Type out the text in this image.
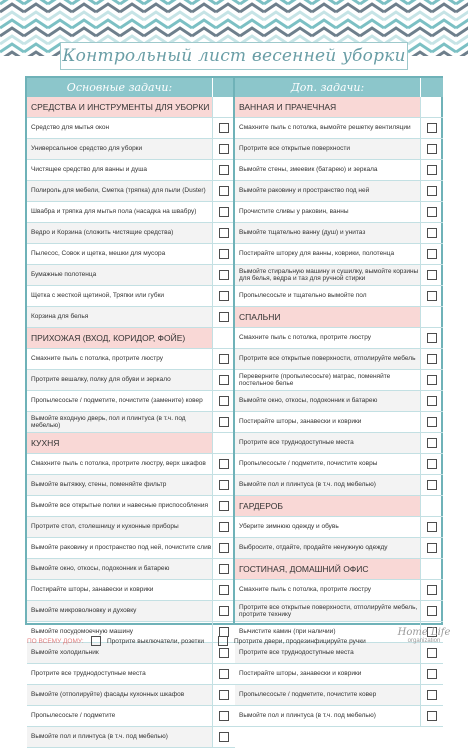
Контрольный лист весенней уборки
Основные задачи:
СРЕДСТВА И ИНСТРУМЕНТЫ ДЛЯ УБОРКИ
Средство для мытья окон
Универсальное средство для уборки
Чистящее средство для ванны и душа
Полироль для мебели, Сметка (тряпка) для пыли (Duster)
Швабра и тряпка для мытья пола (насадка на швабру)
Ведро и Корзина (сложить чистящие средства)
Пылесос, Совок и щетка, мешки для мусора
Бумажные полотенца
Щетка с жесткой щетиной, Тряпки или губки
Корзина для белья
ПРИХОЖАЯ (ВХОД, КОРИДОР, ФОЙЕ)
Смахните пыль с потолка, протрите люстру
Протрите вешалку, полку для обуви и зеркало
Пропылесосьте / подметите, почистите (замените) ковер
Вымойте входную дверь, пол и плинтуса (в т.ч. под мебелью)
КУХНЯ
Смахните пыль с потолка, протрите люстру, верх шкафов
Вымойте вытяжку, стены, поменяйте фильтр
Вымойте все открытые полки и навесные приспособления
Протрите стол, столешницу и кухонные приборы
Вымойте раковину и пространство под ней, почистите слив
Вымойте окно, откосы, подоконник и батарею
Постирайте шторы, занавески и коврики
Вымойте микроволновку и духовку
Вымойте посудомоечную машину
Вымойте холодильник
Протрите все труднодоступные места
Вымойте (отполируйте) фасады кухонных шкафов
Пропылесосьте / подметите
Вымойте пол и плинтуса (в т.ч. под мебелью)
Доп. задачи:
ВАННАЯ И ПРАЧЕЧНАЯ
Смахните пыль с потолка, вымойте решетку вентиляции
Протрите все открытые поверхности
Вымойте стены, змеевик (батарею) и зеркала
Вымойте раковину и пространство под ней
Прочистите сливы у раковин, ванны
Вымойте тщательно ванну (душ) и унитаз
Постирайте шторку для ванны, коврики, полотенца
Вымойте стиральную машину и сушилку, вымойте корзины для белья, ведра и таз для ручной стирки
Пропылесосьте и тщательно вымойте пол
СПАЛЬНИ
Смахните пыль с потолка, протрите люстру
Протрите все открытые поверхности, отполируйте мебель
Переверните (пропылесосьте) матрас, поменяйте постельное белье
Вымойте окно, откосы, подоконник и батарею
Постирайте шторы, занавески и коврики
Протрите все труднодоступные места
Пропылесосьте / подметите, почистите ковры
Вымойте пол и плинтуса (в т.ч. под мебелью)
ГАРДЕРОБ
Уберите зимнюю одежду и обувь
Выбросите, отдайте, продайте ненужную одежду
ГОСТИНАЯ, ДОМАШНИЙ ОФИС
Смахните пыль с потолка, протрите люстру
Протрите все открытые поверхности, отполируйте мебель, протрите технику
Вычистите камин (при наличии)
Протрите все труднодоступные места
Постирайте шторы, занавески и коврики
Пропылесосьте / подметите, почистите ковер
Вымойте пол и плинтуса (в т.ч. под мебелью)
ПО ВСЕМУ ДОМУ:	Протрите выключатели, розетки	Протрите двери, продезинфицируйте ручки
Home Life
organization
